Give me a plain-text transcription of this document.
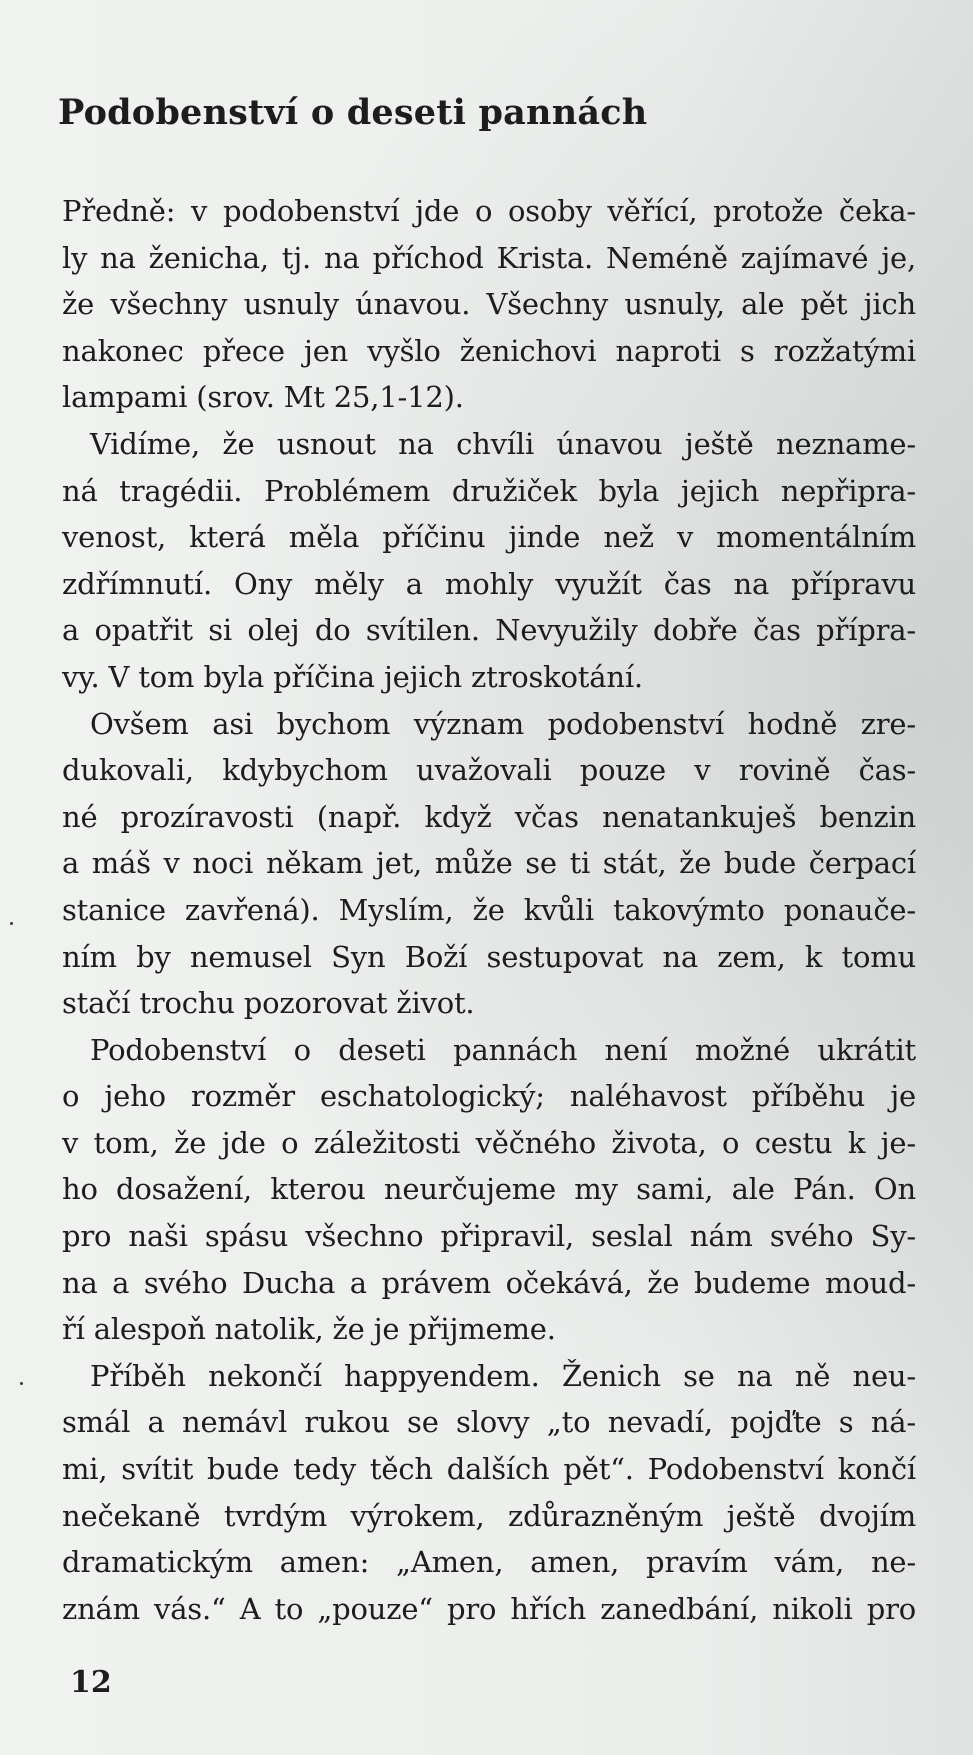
Podobenství o deseti pannách
Předně: v podobenství jde o osoby věřící, protože čeka-
ly na ženicha, tj. na příchod Krista. Neméně zajímavé je,
že všechny usnuly únavou. Všechny usnuly, ale pět jich
nakonec přece jen vyšlo ženichovi naproti s rozžatými
lampami (srov. Mt 25,1-12).
Vidíme, že usnout na chvíli únavou ještě neznamе-
ná tragédii. Problémem družiček byla jejich nepřipra-
venost, která měla příčinu jinde než v momentálním
zdřímnutí. Ony měly a mohly využít čas na přípravu
a opatřit si olej do svítilen. Nevyužily dobře čas přípra-
vy. V tom byla příčina jejich ztroskotání.
Ovšem asi bychom význam podobenství hodně zre-
dukovali, kdybychom uvažovali pouze v rovině čas-
né prozíravosti (např. když včas nenatankuješ benzin
a máš v noci někam jet, může se ti stát, že bude čerpací
stanice zavřená). Myslím, že kvůli takovýmto ponauče-
ním by nemusel Syn Boží sestupovat na zem, k tomu
stačí trochu pozorovat život.
Podobenství o deseti pannách není možné ukrátit
o jeho rozměr eschatologický; naléhavost příběhu je
v tom, že jde o záležitosti věčného života, o cestu k je-
ho dosažení, kterou neurčujeme my sami, ale Pán. On
pro naši spásu všechno připravil, seslal nám svého Sy-
na a svého Ducha a právem očekává, že budeme moud-
ří alespoň natolik, že je přijmeme.
Příběh nekončí happyendem. Ženich se na ně neu-
smál a nemávl rukou se slovy „to nevadí, pojďte s ná-
mi, svítit bude tedy těch dalších pět“. Podobenství končí
nečekaně tvrdým výrokem, zdůrazněným ještě dvojím
dramatickým amen: „Amen, amen, pravím vám, ne-
znám vás.“ A to „pouze“ pro hřích zanedbání, nikoli pro
12
